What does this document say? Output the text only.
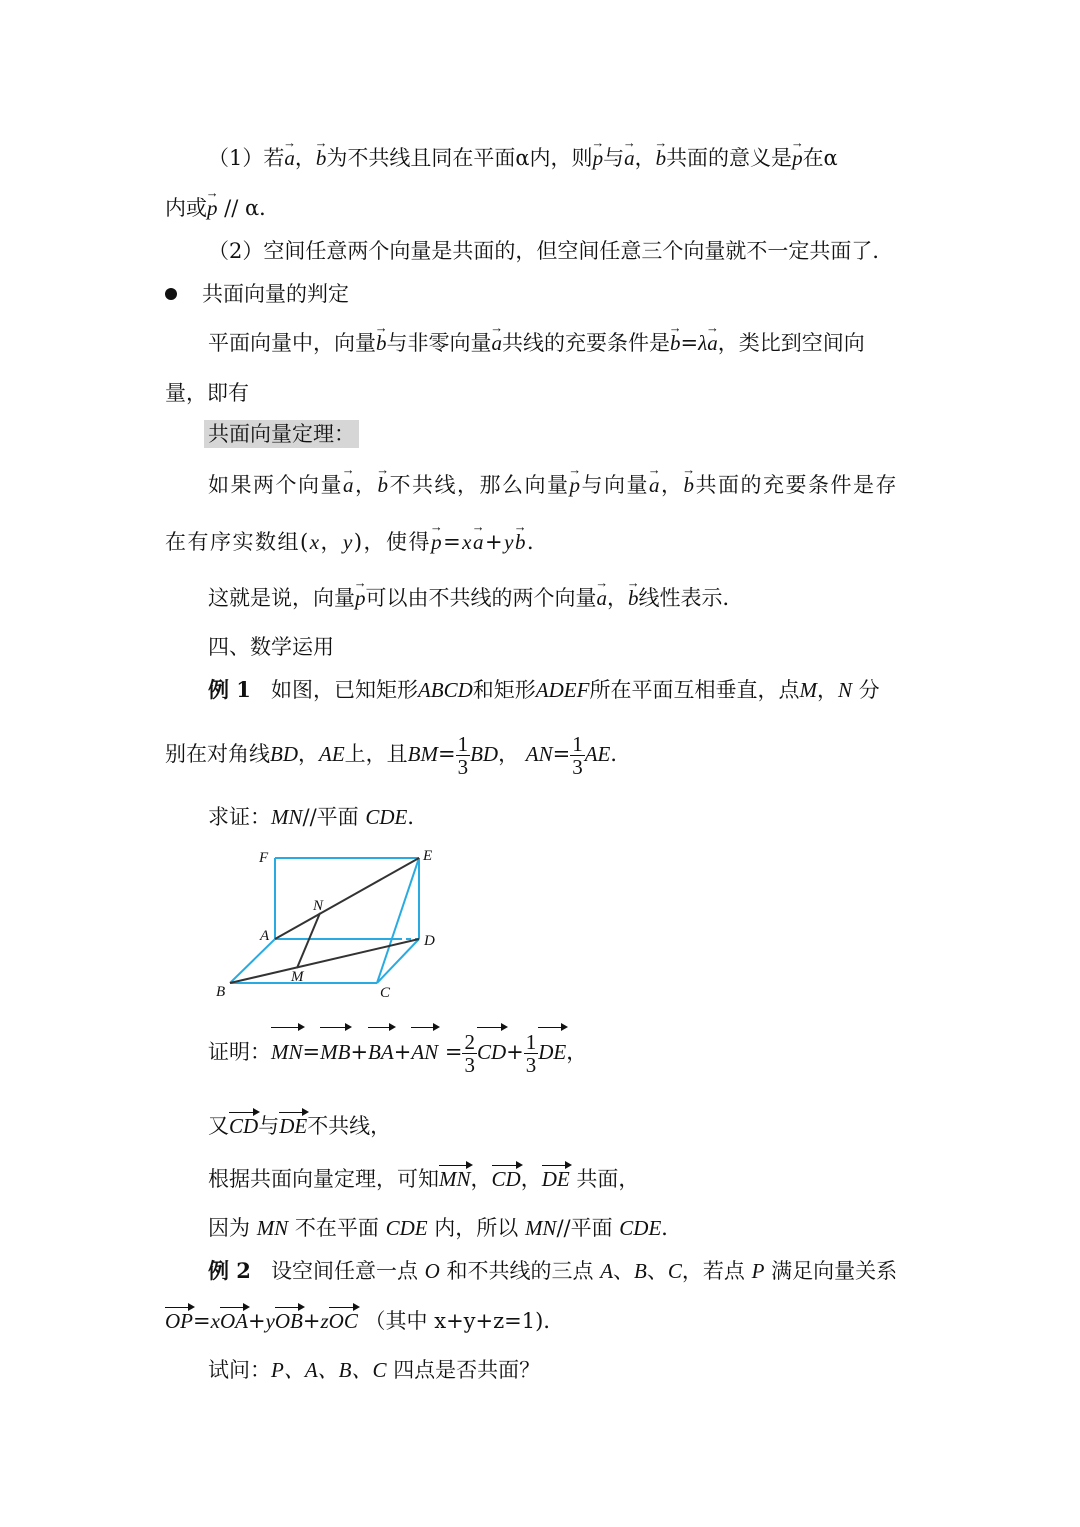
（1）若→ a，→ b为不共线且同在平面α内，则→ p与→ a，→ b共面的意义是→ p在α
内或→ p // α．
（2）空间任意两个向量是共面的，但空间任意三个向量就不一定共面了．
共面向量的判定
平面向量中，向量→ b与非零向量→ a共线的充要条件是→ b=λ→ a，类比到空间向
量，即有
共面向量定理：
如果两个向量→ a，→ b不共线，那么向量→ p与向量→ a，→ b共面的充要条件是存
在有序实数组(x，y)，使得→ p=x→ a+y→ b．
这就是说，向量→ p可以由不共线的两个向量→ a，→ b线性表示．
四、数学运用
例 1 如图，已知矩形ABCD和矩形ADEF所在平面互相垂直，点M，N 分
别在对角线BD，AE上，且$BM= \frac{1}{3}$ BD， $AN= \frac{1}{3}$ AE．
求证：MN//平面 CDE．
F	E
N
A	D
M
B	C
证明：$MN=MB+BA+AN = \frac{2}{3} CD+ \frac{1}{3}$ DE，
又CD与DE不共线，
根据共面向量定理，可知MN，CD，DE 共面，
因为 MN 不在平面 CDE 内，所以 MN//平面 CDE．
例 2 设空间任意一点 O 和不共线的三点 A、B、C，若点 P 满足向量关系
OP=xOA+yOB+zOC （其中 x+y+z=1)．
试问：P、A、B、C 四点是否共面？
